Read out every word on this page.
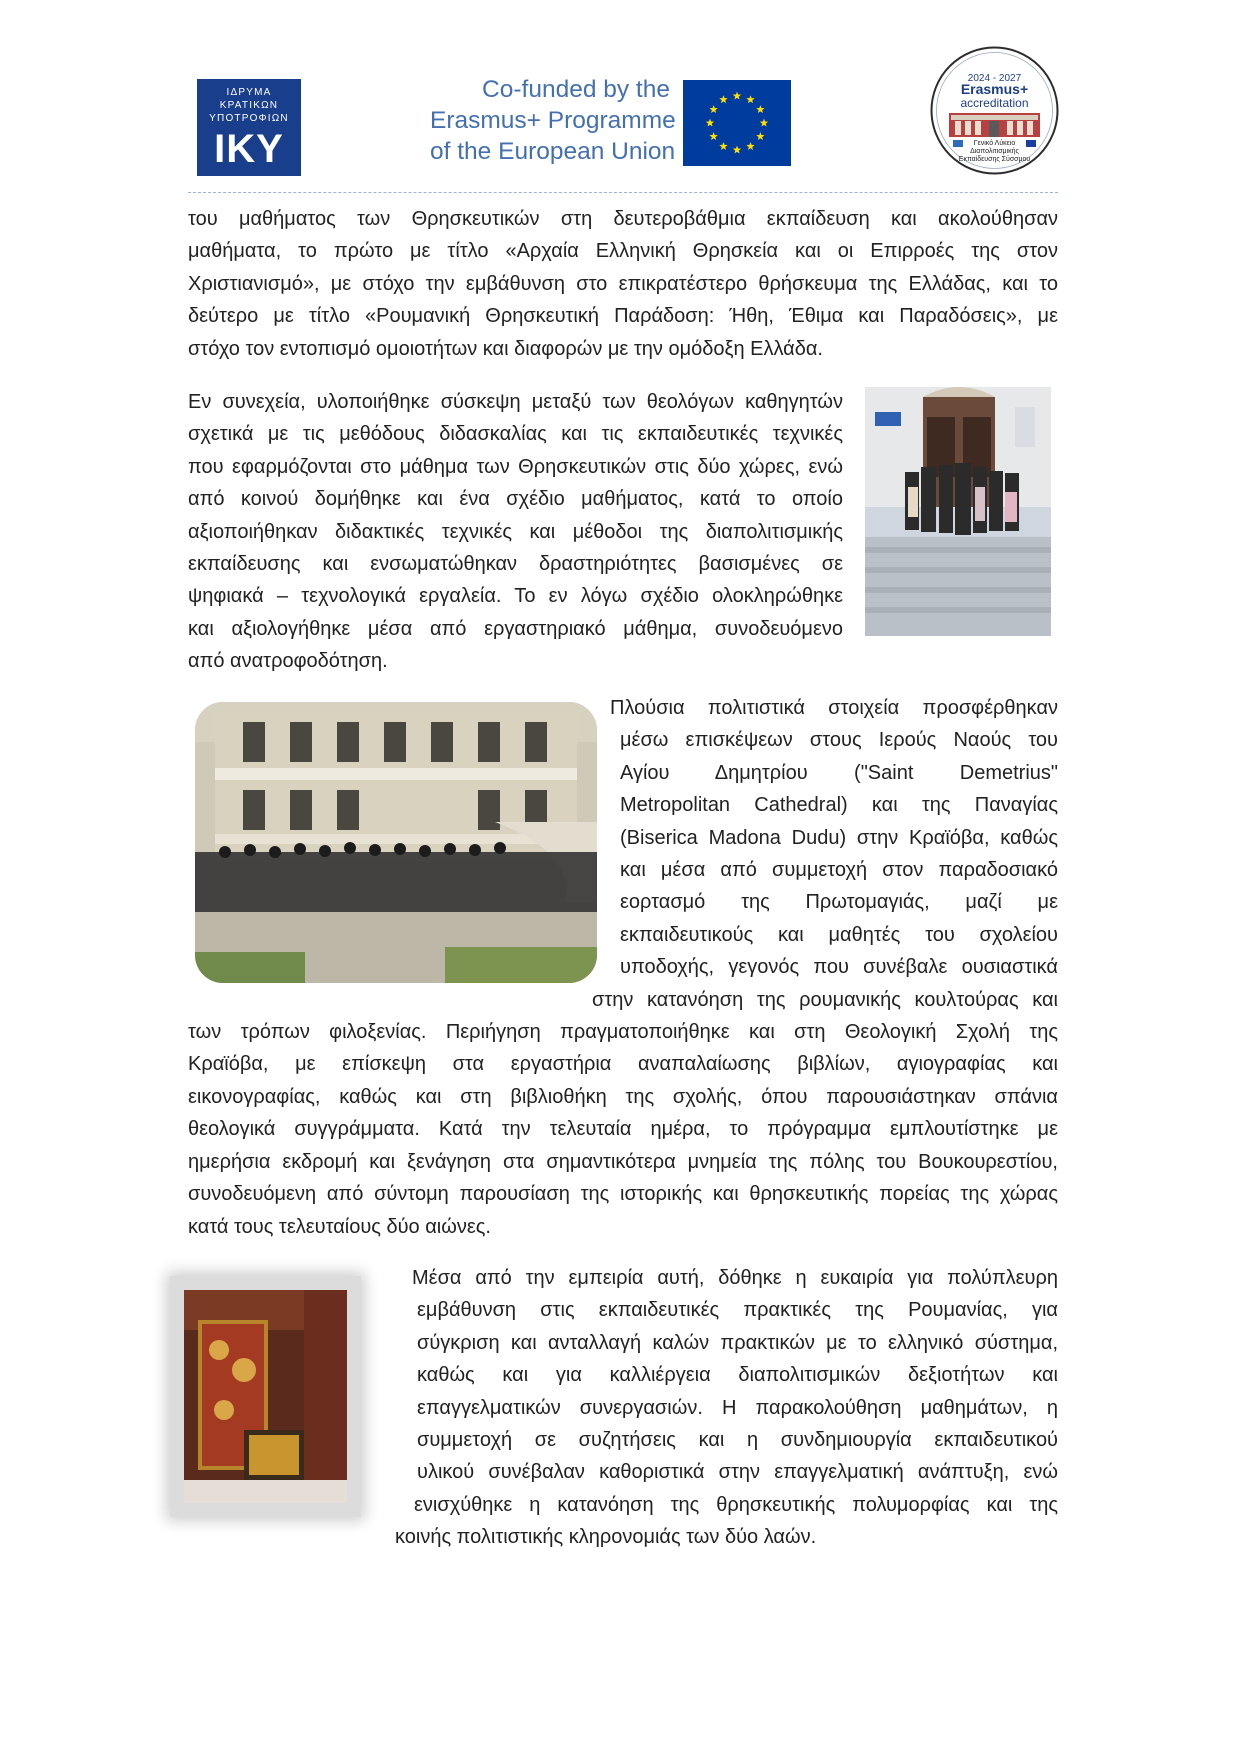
ΙΔΡΥΜΑ
ΚΡΑΤΙΚΩΝ
ΥΠΟΤΡΟΦΙΩΝ
IKY
Co-funded by the
Erasmus+ Programme
of the European Union
2024 - 2027
Erasmus+
accreditation
Γενικό Λύκειο
Διαπολιτισμικής
Εκπαίδευσης Σύσσμου
του μαθήματος των Θρησκευτικών στη δευτεροβάθμια εκπαίδευση και ακολούθησαν
μαθήματα, το πρώτο με τίτλο «Αρχαία Ελληνική Θρησκεία και οι Επιρροές της στον
Χριστιανισμό», με στόχο την εμβάθυνση στο επικρατέστερο θρήσκευμα της Ελλάδας, και το
δεύτερο με τίτλο «Ρουμανική Θρησκευτική Παράδοση: Ήθη, Έθιμα και Παραδόσεις», με
στόχο τον εντοπισμό ομοιοτήτων και διαφορών με την ομόδοξη Ελλάδα.
Εν συνεχεία, υλοποιήθηκε σύσκεψη μεταξύ των θεολόγων καθηγητών
σχετικά με τις μεθόδους διδασκαλίας και τις εκπαιδευτικές τεχνικές
που εφαρμόζονται στο μάθημα των Θρησκευτικών στις δύο χώρες, ενώ
από κοινού δομήθηκε και ένα σχέδιο μαθήματος, κατά το οποίο
αξιοποιήθηκαν διδακτικές τεχνικές και μέθοδοι της διαπολιτισμικής
εκπαίδευσης και ενσωματώθηκαν δραστηριότητες βασισμένες σε
ψηφιακά – τεχνολογικά εργαλεία. Το εν λόγω σχέδιο ολοκληρώθηκε
και αξιολογήθηκε μέσα από εργαστηριακό μάθημα, συνοδευόμενο
από ανατροφοδότηση.
Πλούσια πολιτιστικά στοιχεία προσφέρθηκαν
μέσω επισκέψεων στους Ιερούς Ναούς του
Αγίου Δημητρίου ("Saint Demetrius"
Metropolitan Cathedral) και της Παναγίας
(Biserica Madona Dudu) στην Κραϊόβα, καθώς
και μέσα από συμμετοχή στον παραδοσιακό
εορτασμό της Πρωτομαγιάς, μαζί με
εκπαιδευτικούς και μαθητές του σχολείου
υποδοχής, γεγονός που συνέβαλε ουσιαστικά
στην κατανόηση της ρουμανικής κουλτούρας και
των τρόπων φιλοξενίας. Περιήγηση πραγματοποιήθηκε και στη Θεολογική Σχολή της
Κραϊόβα, με επίσκεψη στα εργαστήρια αναπαλαίωσης βιβλίων, αγιογραφίας και
εικονογραφίας, καθώς και στη βιβλιοθήκη της σχολής, όπου παρουσιάστηκαν σπάνια
θεολογικά συγγράμματα. Κατά την τελευταία ημέρα, το πρόγραμμα εμπλουτίστηκε με
ημερήσια εκδρομή και ξενάγηση στα σημαντικότερα μνημεία της πόλης του Βουκουρεστίου,
συνοδευόμενη από σύντομη παρουσίαση της ιστορικής και θρησκευτικής πορείας της χώρας
κατά τους τελευταίους δύο αιώνες.
Μέσα από την εμπειρία αυτή, δόθηκε η ευκαιρία για πολύπλευρη
εμβάθυνση στις εκπαιδευτικές πρακτικές της Ρουμανίας, για
σύγκριση και ανταλλαγή καλών πρακτικών με το ελληνικό σύστημα,
καθώς και για καλλιέργεια διαπολιτισμικών δεξιοτήτων και
επαγγελματικών συνεργασιών. Η παρακολούθηση μαθημάτων, η
συμμετοχή σε συζητήσεις και η συνδημιουργία εκπαιδευτικού
υλικού συνέβαλαν καθοριστικά στην επαγγελματική ανάπτυξη, ενώ
ενισχύθηκε η κατανόηση της θρησκευτικής πολυμορφίας και της
κοινής πολιτιστικής κληρονομιάς των δύο λαών.
